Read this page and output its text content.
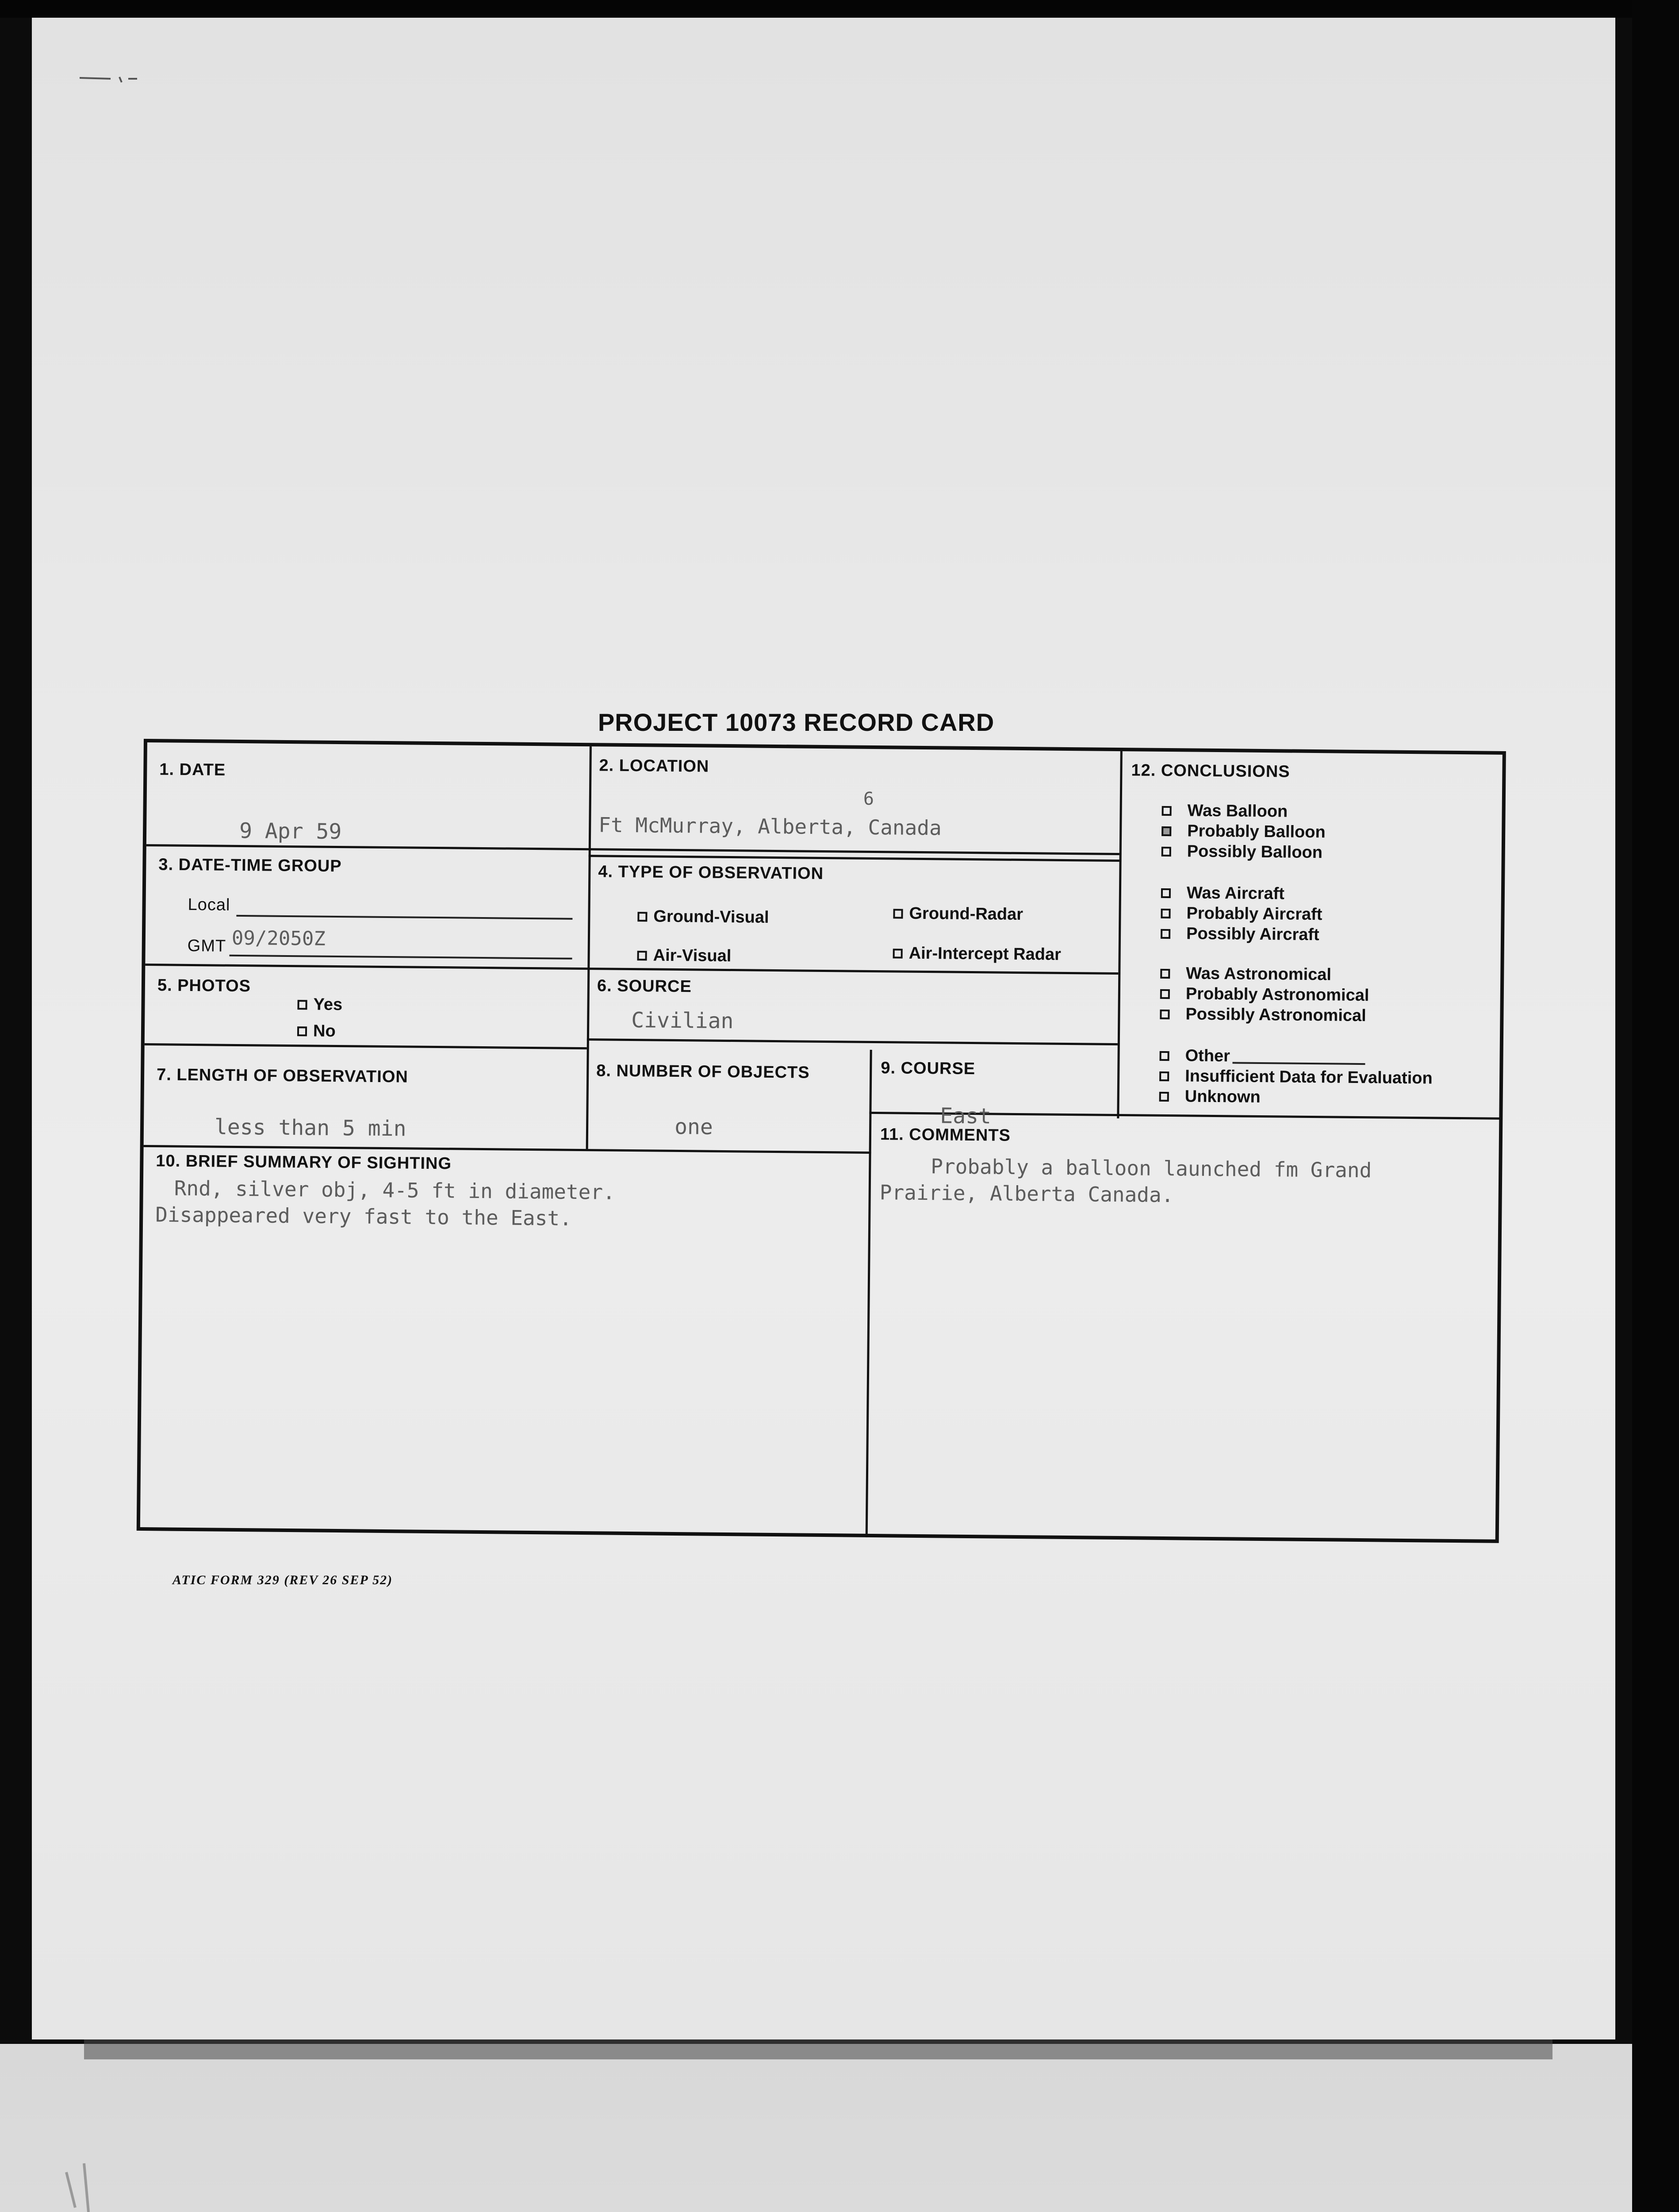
PROJECT 10073 RECORD CARD
1. DATE
9 Apr 59
2. LOCATION
Ft McMurray, Alberta, Canada
6
3. DATE-TIME GROUP
Local
GMT 09/2050Z
4. TYPE OF OBSERVATION
Ground-Visual	Ground-Radar
Air-Visual	Air-Intercept Radar
5. PHOTOS
Yes
No
6. SOURCE
Civilian
7. LENGTH OF OBSERVATION
less than 5 min
8. NUMBER OF OBJECTS
one
9. COURSE
East
10. BRIEF SUMMARY OF SIGHTING
Rnd, silver obj, 4-5 ft in diameter.
Disappeared very fast to the East.
11. COMMENTS
Probably a balloon launched fm Grand
Prairie, Alberta Canada.
12. CONCLUSIONS
Was Balloon
Probably Balloon
Possibly Balloon
Was Aircraft
Probably Aircraft
Possibly Aircraft
Was Astronomical
Probably Astronomical
Possibly Astronomical
Other
Insufficient Data for Evaluation
Unknown
ATIC FORM 329 (REV 26 SEP 52)
